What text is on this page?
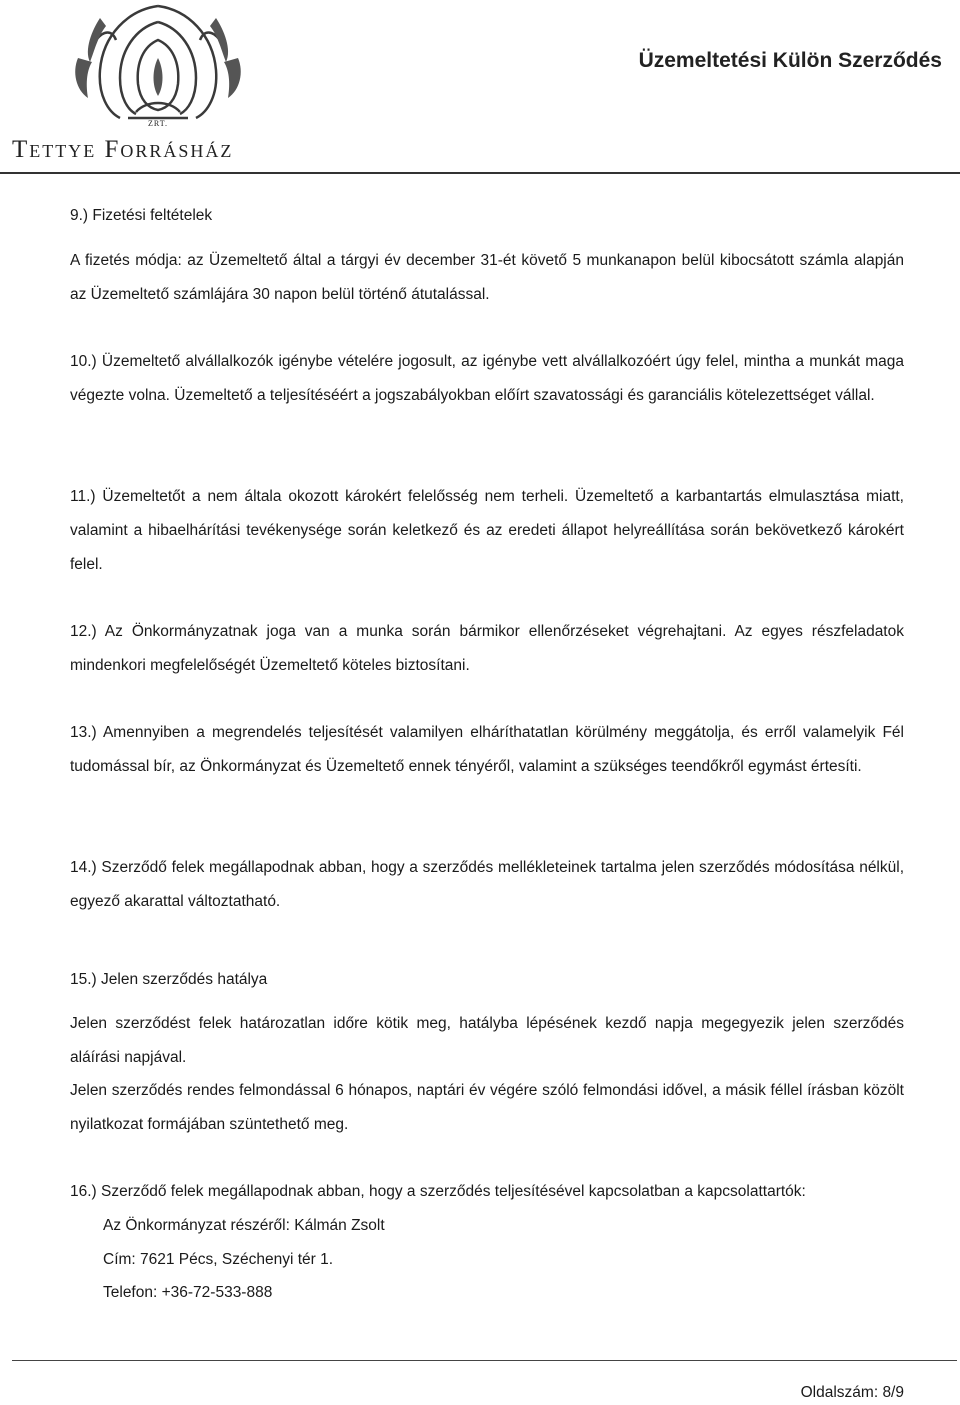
ZRT.
Tettye Forrásház
Üzemeltetési Külön Szerződés

9.) Fizetési feltételek

A fizetés módja: az Üzemeltető által a tárgyi év december 31-ét követő 5 munkanapon belül kibocsátott számla alapján az Üzemeltető számlájára 30 napon belül történő átutalással.

10.) Üzemeltető alvállalkozók igénybe vételére jogosult, az igénybe vett alvállalkozóért úgy felel, mintha a munkát maga végezte volna. Üzemeltető a teljesítéséért a jogszabályokban előírt szavatossági és garanciális kötelezettséget vállal.

11.) Üzemeltetőt a nem általa okozott károkért felelősség nem terheli. Üzemeltető a karbantartás elmulasztása miatt, valamint a hibaelhárítási tevékenysége során keletkező és az eredeti állapot helyreállítása során bekövetkező károkért felel.

12.) Az Önkormányzatnak joga van a munka során bármikor ellenőrzéseket végrehajtani. Az egyes részfeladatok mindenkori megfelelőségét Üzemeltető köteles biztosítani.

13.) Amennyiben a megrendelés teljesítését valamilyen elháríthatatlan körülmény meggátolja, és erről valamelyik Fél tudomással bír, az Önkormányzat és Üzemeltető ennek tényéről, valamint a szükséges teendőkről egymást értesíti.

14.) Szerződő felek megállapodnak abban, hogy a szerződés mellékleteinek tartalma jelen szerződés módosítása nélkül, egyező akarattal változtatható.

15.) Jelen szerződés hatálya

Jelen szerződést felek határozatlan időre kötik meg, hatályba lépésének kezdő napja megegyezik jelen szerződés aláírási napjával.

Jelen szerződés rendes felmondással 6 hónapos, naptári év végére szóló felmondási idővel, a másik féllel írásban közölt nyilatkozat formájában szüntethető meg.

16.) Szerződő felek megállapodnak abban, hogy a szerződés teljesítésével kapcsolatban a kapcsolattartók:

Az Önkormányzat részéről: Kálmán Zsolt

Cím: 7621 Pécs, Széchenyi tér 1.

Telefon: +36-72-533-888

Oldalszám: 8/9
